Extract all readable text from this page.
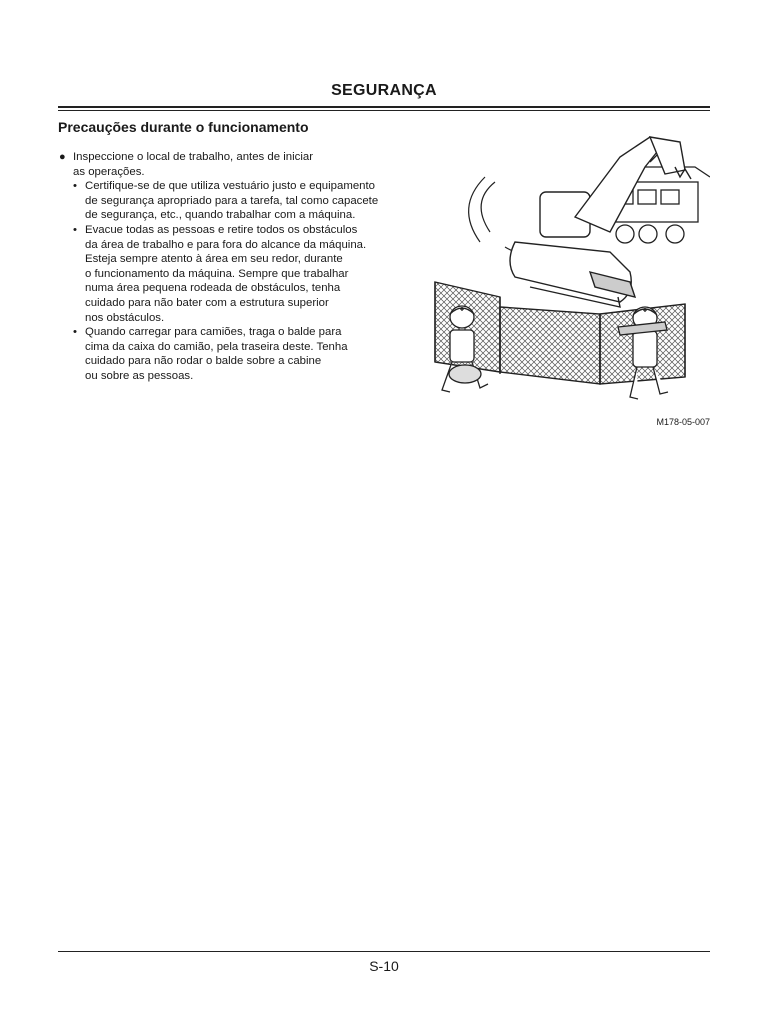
SEGURANÇA
Precauções durante o funcionamento
● Inspeccione o local de trabalho, antes de iniciar
as operações.
• Certifique-se de que utiliza vestuário justo e equipamento
de segurança apropriado para a tarefa, tal como capacete
de segurança, etc., quando trabalhar com a máquina.
• Evacue todas as pessoas e retire todos os obstáculos
da área de trabalho e para fora do alcance da máquina.
Esteja sempre atento à área em seu redor, durante
o funcionamento da máquina. Sempre que trabalhar
numa área pequena rodeada de obstáculos, tenha
cuidado para não bater com a estrutura superior
nos obstáculos.
• Quando carregar para camiões, traga o balde para
cima da caixa do camião, pela traseira deste. Tenha
cuidado para não rodar o balde sobre a cabine
ou sobre as pessoas.
M178-05-007
S-10
